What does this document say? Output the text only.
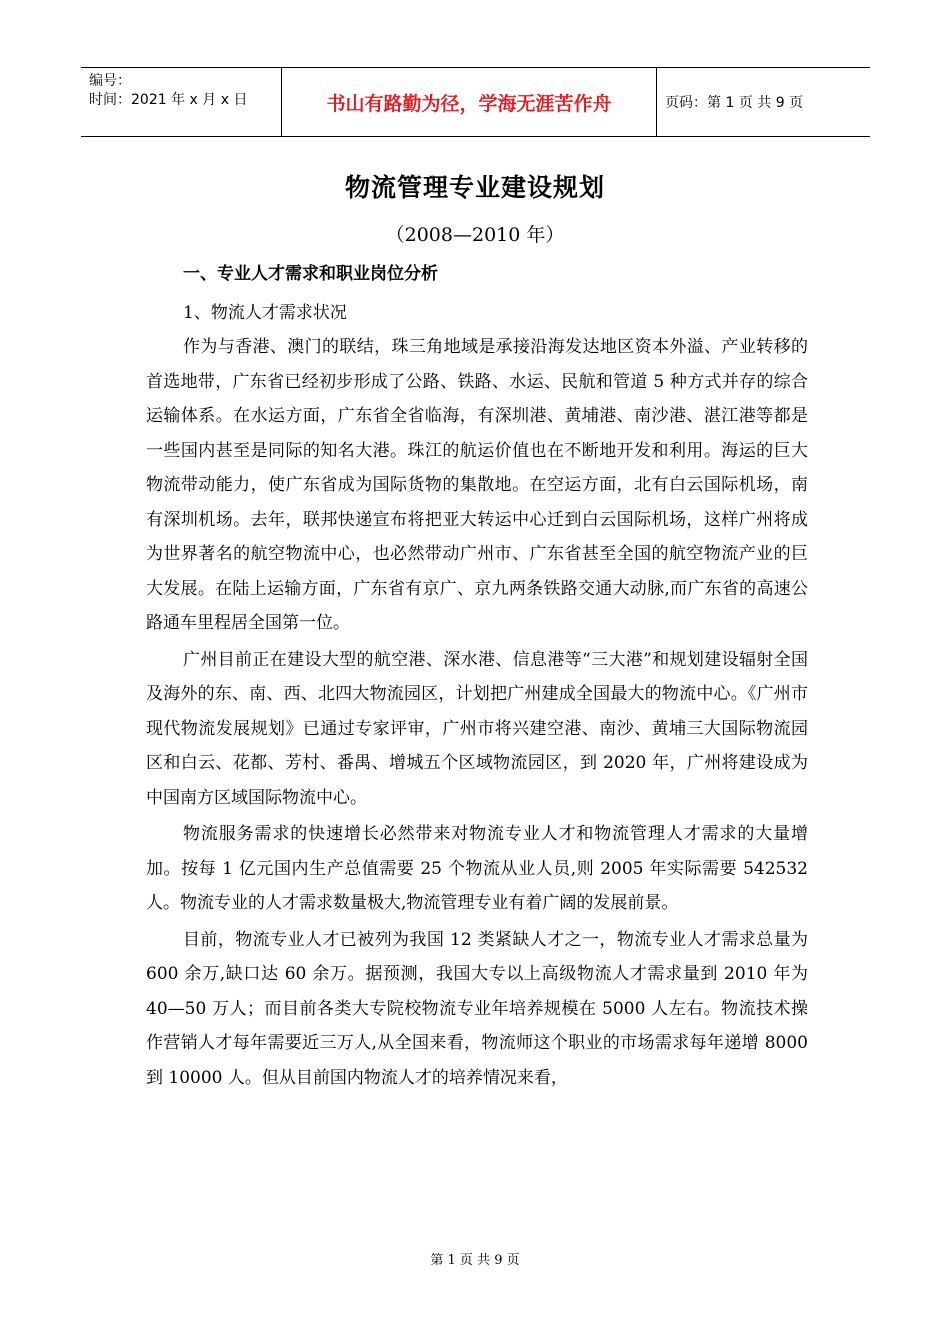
编号：
时间：2021 年 x 月 x 日	书山有路勤为径，学海无涯苦作舟	页码：第 1 页 共 9 页
物流管理专业建设规划
（2008—2010 年）
一、专业人才需求和职业岗位分析
1、物流人才需求状况

作为与香港、澳门的联结，珠三角地域是承接沿海发达地区资本外溢、产业转移的首选地带，广东省已经初步形成了公路、铁路、水运、民航和管道 5 种方式并存的综合运输体系。在水运方面，广东省全省临海，有深圳港、黄埔港、南沙港、湛江港等都是一些国内甚至是同际的知名大港。珠江的航运价值也在不断地开发和利用。海运的巨大物流带动能力，使广东省成为国际货物的集散地。在空运方面，北有白云国际机场，南有深圳机场。去年，联邦快递宣布将把亚大转运中心迁到白云国际机场，这样广州将成为世界著名的航空物流中心，也必然带动广州市、广东省甚至全国的航空物流产业的巨大发展。在陆上运输方面，广东省有京广、京九两条铁路交通大动脉,而广东省的高速公路通车里程居全国第一位。

广州目前正在建设大型的航空港、深水港、信息港等“三大港”和规划建设辐射全国及海外的东、南、西、北四大物流园区，计划把广州建成全国最大的物流中心。《广州市现代物流发展规划》已通过专家评审，广州市将兴建空港、南沙、黄埔三大国际物流园区和白云、花都、芳村、番禺、增城五个区域物流园区，到 2020 年，广州将建设成为中国南方区域国际物流中心。

物流服务需求的快速增长必然带来对物流专业人才和物流管理人才需求的大量增加。按每 1 亿元国内生产总值需要 25 个物流从业人员,则 2005 年实际需要 542532 人。物流专业的人才需求数量极大,物流管理专业有着广阔的发展前景。

目前，物流专业人才已被列为我国 12 类紧缺人才之一，物流专业人才需求总量为 600 余万,缺口达 60 余万。据预测，我国大专以上高级物流人才需求量到 2010 年为 40—50 万人；而目前各类大专院校物流专业年培养规模在 5000 人左右。物流技术操作营销人才每年需要近三万人,从全国来看，物流师这个职业的市场需求每年递增 8000 到 10000 人。但从目前国内物流人才的培养情况来看，

第 1 页 共 9 页
